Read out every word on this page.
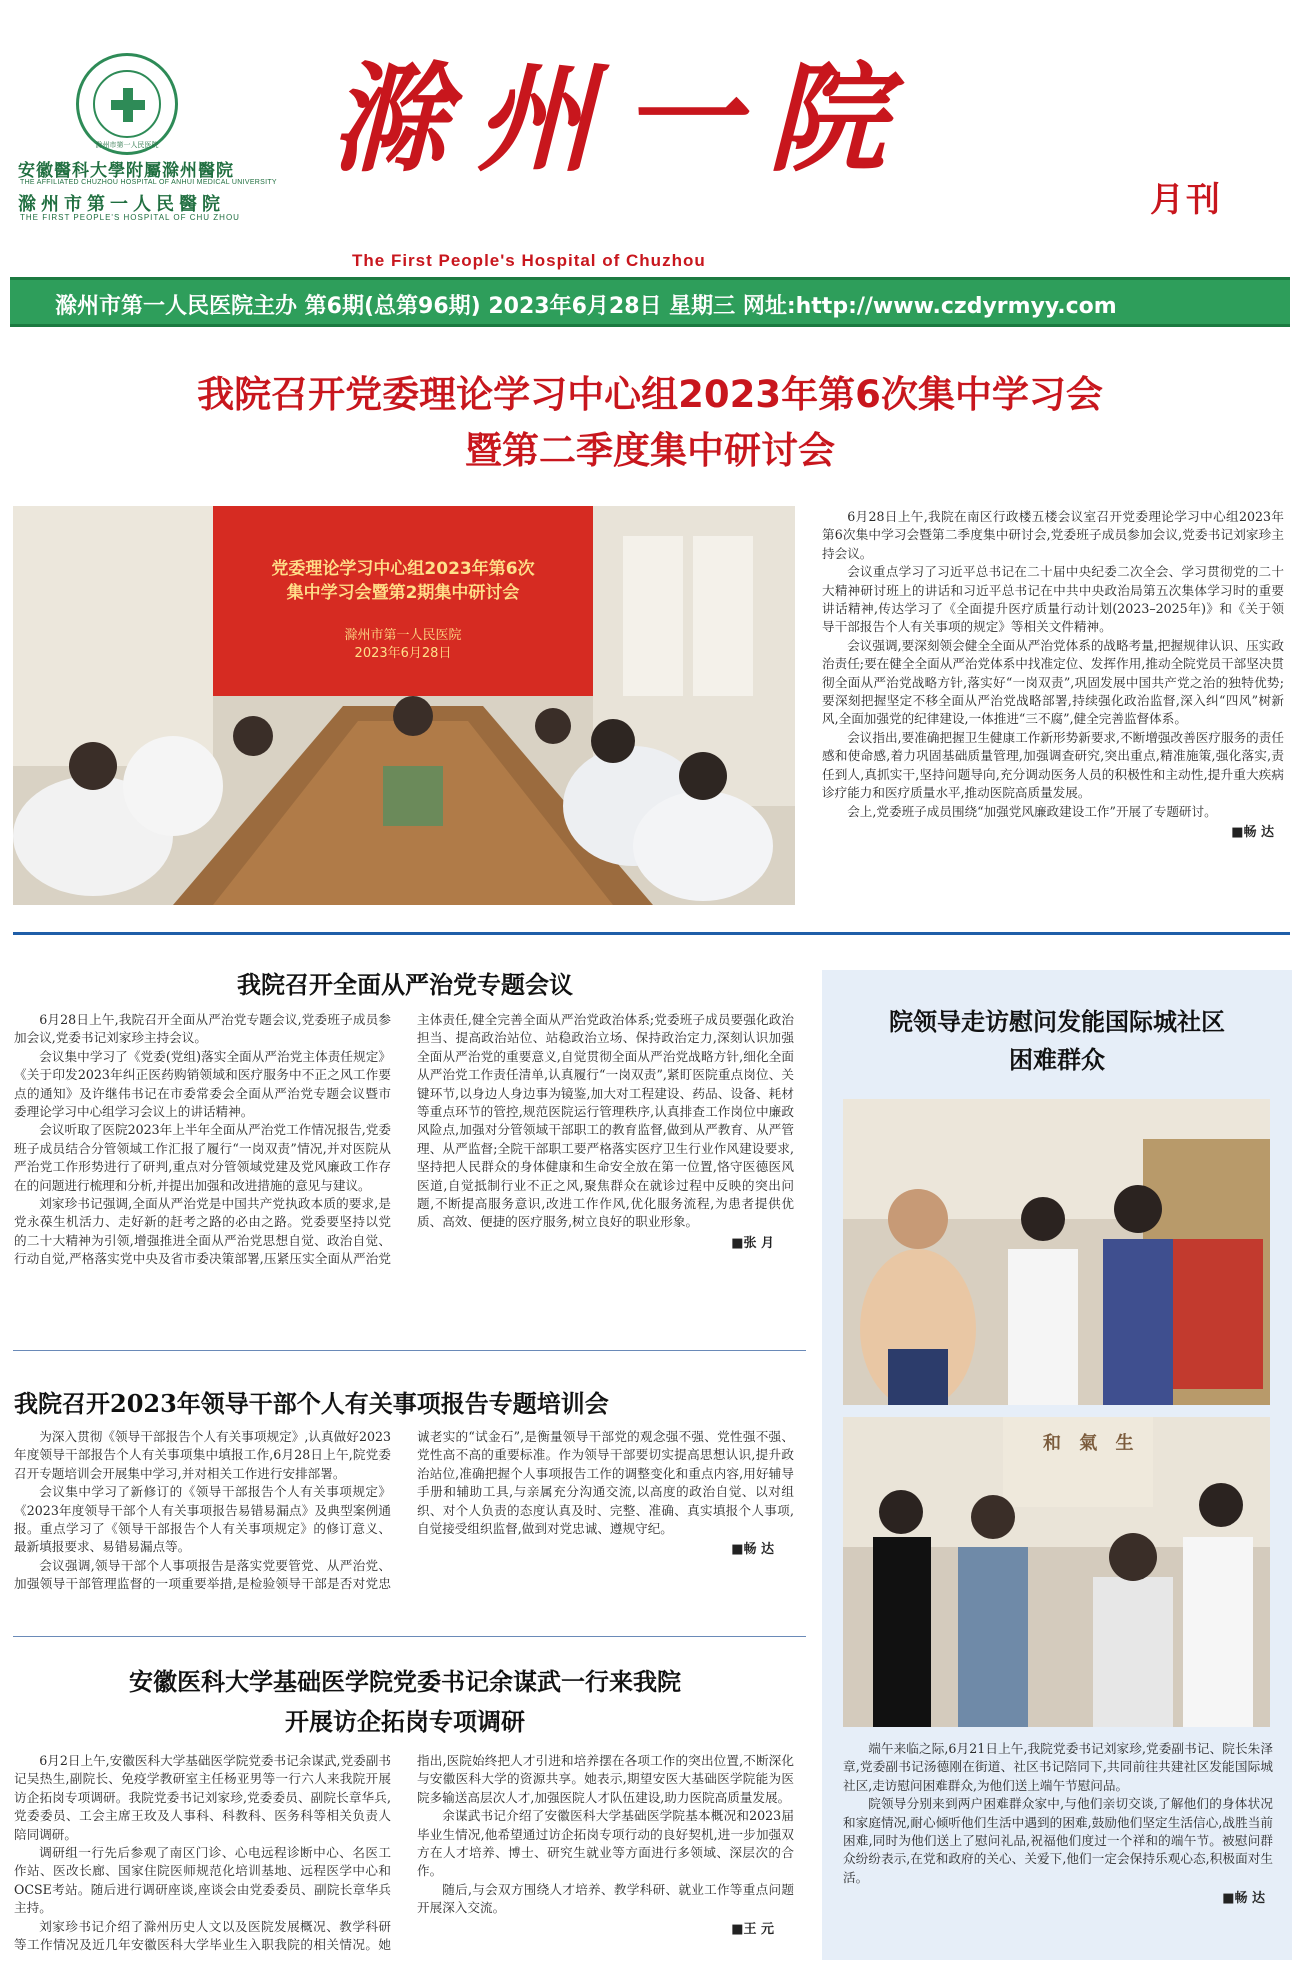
滁州市第一人民医院
安徽醫科大學附屬滁州醫院
THE AFFILIATED CHUZHOU HOSPITAL OF ANHUI MEDICAL UNIVERSITY
滁州市第一人民醫院
THE FIRST PEOPLE'S HOSPITAL OF CHU ZHOU
滁州一院
月刊
The First People's Hospital of Chuzhou
滁州市第一人民医院主办 第6期(总第96期) 2023年6月28日 星期三 网址:http://www.czdyrmyy.com
我院召开党委理论学习中心组2023年第6次集中学习会
暨第二季度集中研讨会
党委理论学习中心组2023年第6次
集中学习会暨第2期集中研讨会
滁州市第一人民医院
2023年6月28日

6月28日上午,我院在南区行政楼五楼会议室召开党委理论学习中心组2023年第6次集中学习会暨第二季度集中研讨会,党委班子成员参加会议,党委书记刘家珍主持会议。

会议重点学习了习近平总书记在二十届中央纪委二次全会、学习贯彻党的二十大精神研讨班上的讲话和习近平总书记在中共中央政治局第五次集体学习时的重要讲话精神,传达学习了《全面提升医疗质量行动计划(2023–2025年)》和《关于领导干部报告个人有关事项的规定》等相关文件精神。

会议强调,要深刻领会健全全面从严治党体系的战略考量,把握规律认识、压实政治责任;要在健全全面从严治党体系中找准定位、发挥作用,推动全院党员干部坚决贯彻全面从严治党战略方针,落实好“一岗双责”,巩固发展中国共产党之治的独特优势;要深刻把握坚定不移全面从严治党战略部署,持续强化政治监督,深入纠“四风”树新风,全面加强党的纪律建设,一体推进“三不腐”,健全完善监督体系。

会议指出,要准确把握卫生健康工作新形势新要求,不断增强改善医疗服务的责任感和使命感,着力巩固基础质量管理,加强调查研究,突出重点,精准施策,强化落实,责任到人,真抓实干,坚持问题导向,充分调动医务人员的积极性和主动性,提升重大疾病诊疗能力和医疗质量水平,推动医院高质量发展。

会上,党委班子成员围绕“加强党风廉政建设工作”开展了专题研讨。

■畅 达
我院召开全面从严治党专题会议

6月28日上午,我院召开全面从严治党专题会议,党委班子成员参加会议,党委书记刘家珍主持会议。

会议集中学习了《党委(党组)落实全面从严治党主体责任规定》《关于印发2023年纠正医药购销领域和医疗服务中不正之风工作要点的通知》及许继伟书记在市委常委会全面从严治党专题会议暨市委理论学习中心组学习会议上的讲话精神。

会议听取了医院2023年上半年全面从严治党工作情况报告,党委班子成员结合分管领域工作汇报了履行“一岗双责”情况,并对医院从严治党工作形势进行了研判,重点对分管领域党建及党风廉政工作存在的问题进行梳理和分析,并提出加强和改进措施的意见与建议。

刘家珍书记强调,全面从严治党是中国共产党执政本质的要求,是党永葆生机活力、走好新的赶考之路的必由之路。党委要坚持以党的二十大精神为引领,增强推进全面从严治党思想自觉、政治自觉、行动自觉,严格落实党中央及省市委决策部署,压紧压实全面从严治党主体责任,健全完善全面从严治党政治体系;党委班子成员要强化政治担当、提高政治站位、站稳政治立场、保持政治定力,深刻认识加强全面从严治党的重要意义,自觉贯彻全面从严治党战略方针,细化全面从严治党工作责任清单,认真履行“一岗双责”,紧盯医院重点岗位、关键环节,以身边人身边事为镜鉴,加大对工程建设、药品、设备、耗材等重点环节的管控,规范医院运行管理秩序,认真排查工作岗位中廉政风险点,加强对分管领域干部职工的教育监督,做到从严教育、从严管理、从严监督;全院干部职工要严格落实医疗卫生行业作风建设要求,坚持把人民群众的身体健康和生命安全放在第一位置,恪守医德医风医道,自觉抵制行业不正之风,聚焦群众在就诊过程中反映的突出问题,不断提高服务意识,改进工作作风,优化服务流程,为患者提供优质、高效、便捷的医疗服务,树立良好的职业形象。

■张 月
我院召开2023年领导干部个人有关事项报告专题培训会

为深入贯彻《领导干部报告个人有关事项规定》,认真做好2023年度领导干部报告个人有关事项集中填报工作,6月28日上午,院党委召开专题培训会开展集中学习,并对相关工作进行安排部署。

会议集中学习了新修订的《领导干部报告个人有关事项规定》《2023年度领导干部个人有关事项报告易错易漏点》及典型案例通报。重点学习了《领导干部报告个人有关事项规定》的修订意义、最新填报要求、易错易漏点等。

会议强调,领导干部个人事项报告是落实党要管党、从严治党、加强领导干部管理监督的一项重要举措,是检验领导干部是否对党忠诚老实的“试金石”,是衡量领导干部党的观念强不强、党性强不强、党性高不高的重要标准。作为领导干部要切实提高思想认识,提升政治站位,准确把握个人事项报告工作的调整变化和重点内容,用好辅导手册和辅助工具,与亲属充分沟通交流,以高度的政治自觉、以对组织、对个人负责的态度认真及时、完整、准确、真实填报个人事项,自觉接受组织监督,做到对党忠诚、遵规守纪。

■畅 达
安徽医科大学基础医学院党委书记余谋武一行来我院
开展访企拓岗专项调研

6月2日上午,安徽医科大学基础医学院党委书记余谋武,党委副书记吴热生,副院长、免疫学教研室主任杨亚男等一行六人来我院开展访企拓岗专项调研。我院党委书记刘家珍,党委委员、副院长章华兵,党委委员、工会主席王玫及人事科、科教科、医务科等相关负责人陪同调研。

调研组一行先后参观了南区门诊、心电远程诊断中心、名医工作站、医改长廊、国家住院医师规范化培训基地、远程医学中心和OCSE考站。随后进行调研座谈,座谈会由党委委员、副院长章华兵主持。

刘家珍书记介绍了滁州历史人文以及医院发展概况、教学科研等工作情况及近几年安徽医科大学毕业生入职我院的相关情况。她指出,医院始终把人才引进和培养摆在各项工作的突出位置,不断深化与安徽医科大学的资源共享。她表示,期望安医大基础医学院能为医院多输送高层次人才,加强医院人才队伍建设,助力医院高质量发展。

余谋武书记介绍了安徽医科大学基础医学院基本概况和2023届毕业生情况,他希望通过访企拓岗专项行动的良好契机,进一步加强双方在人才培养、博士、研究生就业等方面进行多领域、深层次的合作。

随后,与会双方围绕人才培养、教学科研、就业工作等重点问题开展深入交流。

■王 元
院领导走访慰问发能国际城社区
困难群众
和 氣 生

端午来临之际,6月21日上午,我院党委书记刘家珍,党委副书记、院长朱泽章,党委副书记汤德刚在街道、社区书记陪同下,共同前往共建社区发能国际城社区,走访慰问困难群众,为他们送上端午节慰问品。

院领导分别来到两户困难群众家中,与他们亲切交谈,了解他们的身体状况和家庭情况,耐心倾听他们生活中遇到的困难,鼓励他们坚定生活信心,战胜当前困难,同时为他们送上了慰问礼品,祝福他们度过一个祥和的端午节。被慰问群众纷纷表示,在党和政府的关心、关爱下,他们一定会保持乐观心态,积极面对生活。

■畅 达
